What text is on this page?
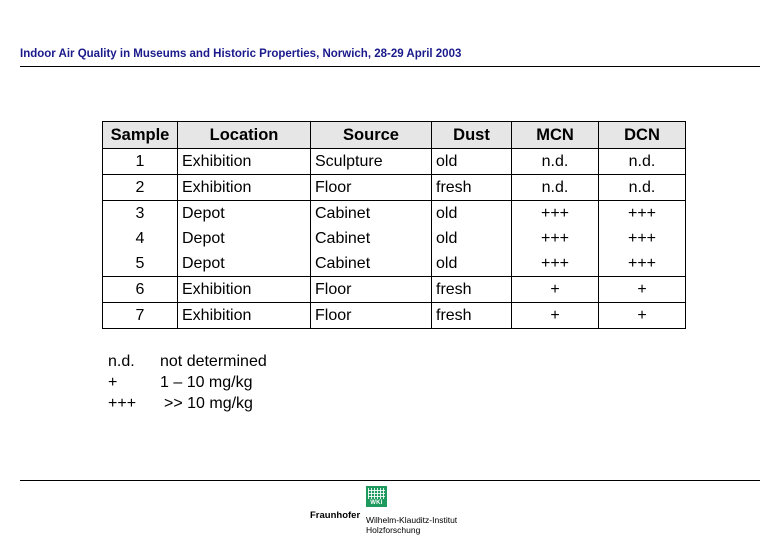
Indoor Air Quality in Museums and Historic Properties, Norwich, 28-29 April 2003
Sample	Location	Source	Dust	MCN	DCN
1	Exhibition	Sculpture	old	n.d.	n.d.
2	Exhibition	Floor	fresh	n.d.	n.d.
3	Depot	Cabinet	old	+++	+++
4	Depot	Cabinet	old	+++	+++
5	Depot	Cabinet	old	+++	+++
6	Exhibition	Floor	fresh	+	+
7	Exhibition	Floor	fresh	+	+
n.d.	not determined
+	1 – 10 mg/kg
+++	>> 10 mg/kg
WKI
Fraunhofer Wilhelm-Klauditz-Institut
Holzforschung
